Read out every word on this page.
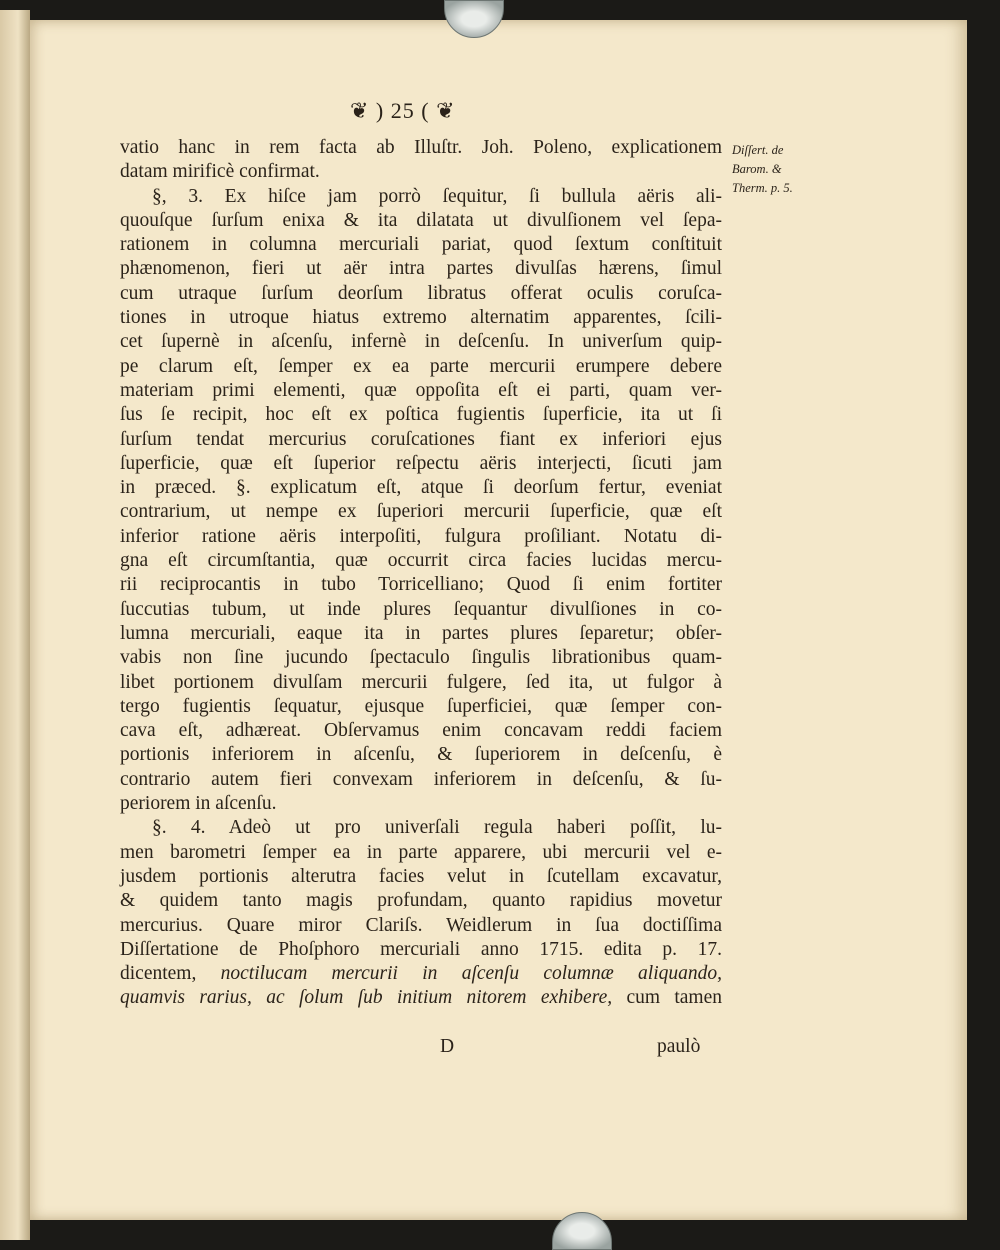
❦ ) 25 ( ❦
vatio hanc in rem facta ab Illuſtr. Joh. Poleno, explicationem
datam mirificè confirmat.
§, 3. Ex hiſce jam porrò ſequitur, ſi bullula aëris ali-
quouſque ſurſum enixa & ita dilatata ut divulſionem vel ſepa-
rationem in columna mercuriali pariat, quod ſextum conſtituit
phænomenon, fieri ut aër intra partes divulſas hærens, ſimul
cum utraque ſurſum deorſum libratus offerat oculis coruſca-
tiones in utroque hiatus extremo alternatim apparentes, ſcili-
cet ſupernè in aſcenſu, infernè in deſcenſu. In univerſum quip-
pe clarum eſt, ſemper ex ea parte mercurii erumpere debere
materiam primi elementi, quæ oppoſita eſt ei parti, quam ver-
ſus ſe recipit, hoc eſt ex poſtica fugientis ſuperficie, ita ut ſi
ſurſum tendat mercurius coruſcationes fiant ex inferiori ejus
ſuperficie, quæ eſt ſuperior reſpectu aëris interjecti, ſicuti jam
in præced. §. explicatum eſt, atque ſi deorſum fertur, eveniat
contrarium, ut nempe ex ſuperiori mercurii ſuperficie, quæ eſt
inferior ratione aëris interpoſiti, fulgura proſiliant. Notatu di-
gna eſt circumſtantia, quæ occurrit circa facies lucidas mercu-
rii reciprocantis in tubo Torricelliano; Quod ſi enim fortiter
ſuccutias tubum, ut inde plures ſequantur divulſiones in co-
lumna mercuriali, eaque ita in partes plures ſeparetur; obſer-
vabis non ſine jucundo ſpectaculo ſingulis librationibus quam-
libet portionem divulſam mercurii fulgere, ſed ita, ut fulgor à
tergo fugientis ſequatur, ejusque ſuperficiei, quæ ſemper con-
cava eſt, adhæreat. Obſervamus enim concavam reddi faciem
portionis inferiorem in aſcenſu, & ſuperiorem in deſcenſu, è
contrario autem fieri convexam inferiorem in deſcenſu, & ſu-
periorem in aſcenſu.
§. 4. Adeò ut pro univerſali regula haberi poſſit, lu-
men barometri ſemper ea in parte apparere, ubi mercurii vel e-
jusdem portionis alterutra facies velut in ſcutellam excavatur,
& quidem tanto magis profundam, quanto rapidius movetur
mercurius. Quare miror Clariſs. Weidlerum in ſua doctiſſima
Diſſertatione de Phoſphoro mercuriali anno 1715. edita p. 17.
dicentem, noctilucam mercurii in aſcenſu columnæ aliquando,
quamvis rarius, ac ſolum ſub initium nitorem exhibere, cum tamen
Diſſert. de
Barom. &
Therm. p. 5.
D	paulò
